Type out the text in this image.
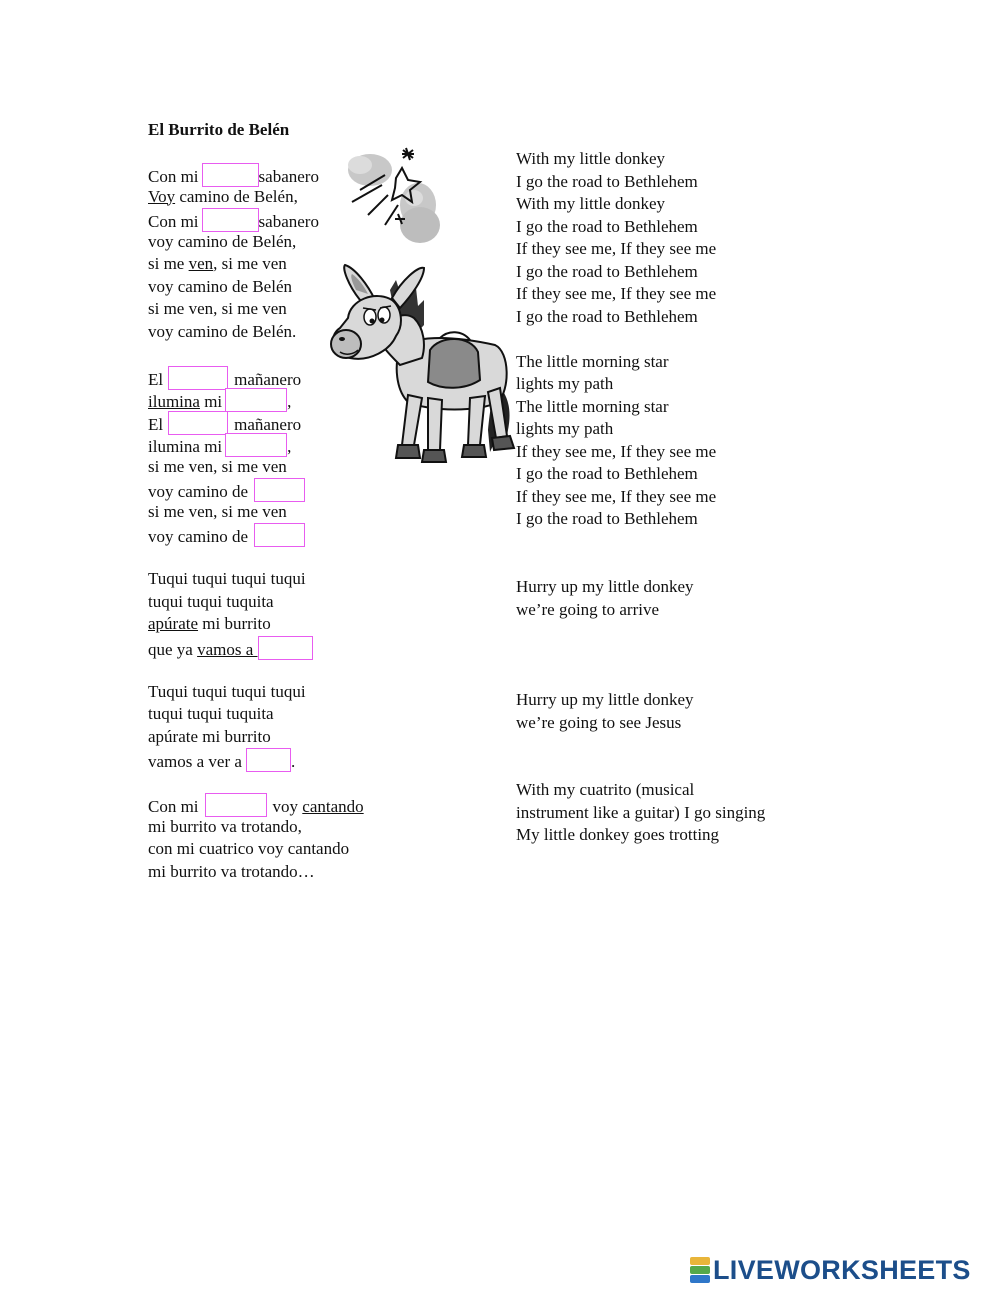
El Burrito de Belén
Con mi	sabanero
Voy camino de Belén,
Con mi	sabanero
voy camino de Belén,
si me ven, si me ven
voy camino de Belén
si me ven, si me ven
voy camino de Belén.
El	mañanero
ilumina mi	,
El	mañanero
ilumina mi	,
si me ven, si me ven
voy camino de
si me ven, si me ven
voy camino de
Tuqui tuqui tuqui tuqui
tuqui tuqui tuquita
apúrate mi burrito
que ya vamos a
Tuqui tuqui tuqui tuqui
tuqui tuqui tuquita
apúrate mi burrito
vamos a ver a	.
Con mi	voy cantando
mi burrito va trotando,
con mi cuatrico voy cantando
mi burrito va trotando…
With my little donkey
I go the road to Bethlehem
With my little donkey
I go the road to Bethlehem
If they see me, If they see me
I go the road to Bethlehem
If they see me, If they see me
I go the road to Bethlehem
The little morning star
lights my path
The little morning star
lights my path
If they see me, If they see me
I go the road to Bethlehem
If they see me, If they see me
I go the road to Bethlehem
Hurry up my little donkey
we’re going to arrive
Hurry up my little donkey
we’re going to see Jesus
With my cuatrito (musical
instrument like a guitar) I go singing
My little donkey goes trotting
LIVEWORKSHEETS
